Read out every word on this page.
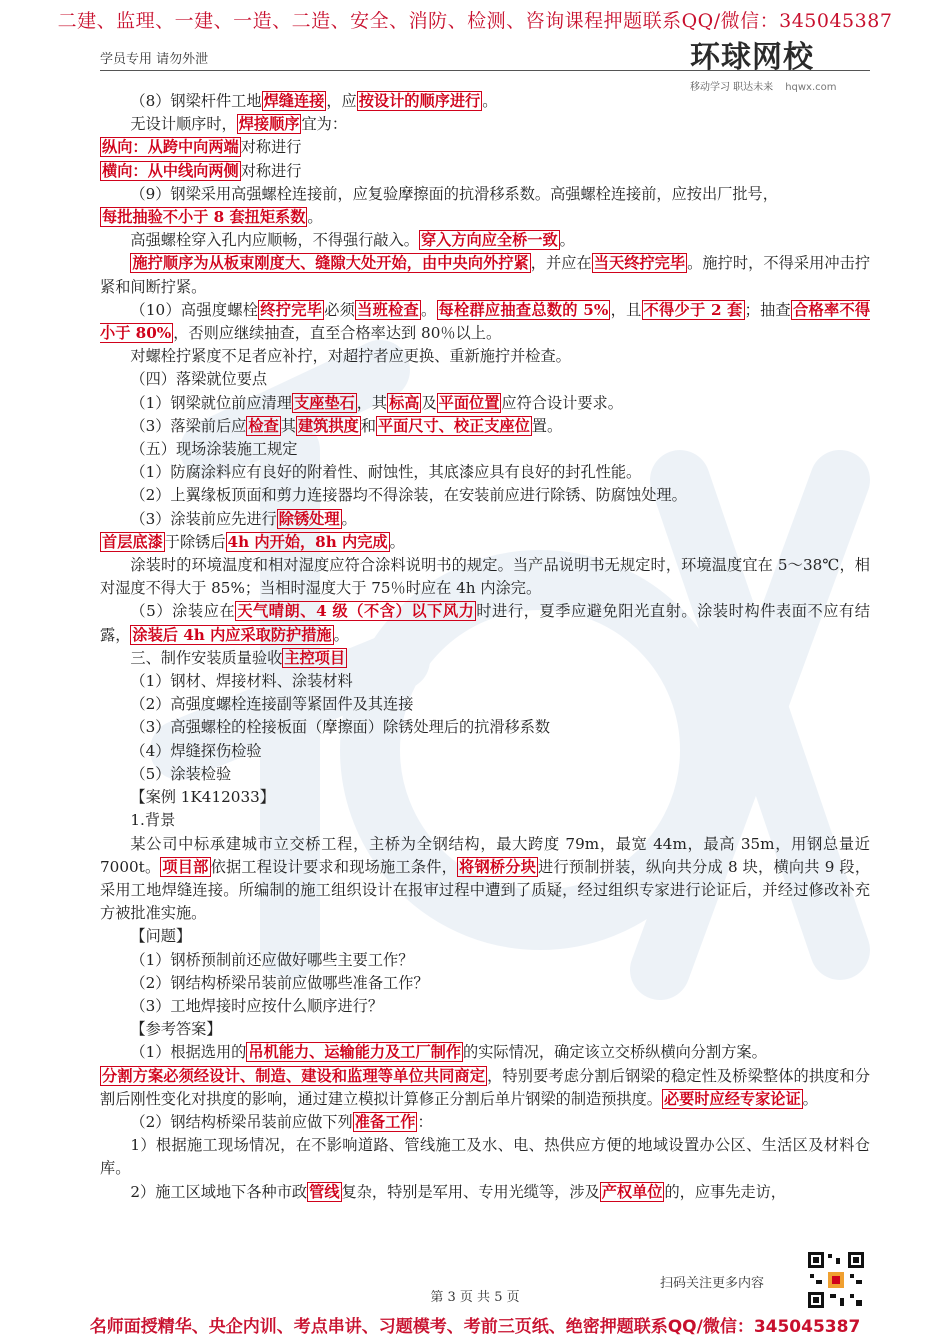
二建、监理、一建、一造、二造、安全、消防、检测、咨询课程押题联系QQ/微信：345045387
学员专用 请勿外泄	环球网校
移动学习 职达未来 hqwx.com

（8）钢梁杆件工地 焊缝连接 ，应 按设计的顺序进行 。

无设计顺序时， 焊接顺序 宜为：

纵向：从跨中向两端 对称进行

横向：从中线向两侧 对称进行

（9）钢梁采用高强螺栓连接前，应复验摩擦面的抗滑移系数。高强螺栓连接前，应按出厂批号，

每批抽验不小于 8 套扭矩系数 。

高强螺栓穿入孔内应顺畅，不得强行敲入。 穿入方向应全桥一致 。

施拧顺序为从板束刚度大、缝隙大处开始，由中央向外拧紧 ，并应在 当天终拧完毕 。施拧时，不得采用冲击拧紧和间断拧紧。

（10）高强度螺栓 终拧完毕 必须 当班检查 。 每栓群应抽查总数的 5% ，且 不得少于 2 套 ；抽查 合格率不得小于 80% ，否则应继续抽查，直至合格率达到 80％以上。

对螺栓拧紧度不足者应补拧，对超拧者应更换、重新施拧并检查。

（四）落梁就位要点

（1）钢梁就位前应清理 支座垫石 ，其 标高 及 平面位置 应符合设计要求。

（3）落梁前后应 检查 其 建筑拱度 和 平面尺寸、校正支座位 置。

（五）现场涂装施工规定

（1）防腐涂料应有良好的附着性、耐蚀性，其底漆应具有良好的封孔性能。

（2）上翼缘板顶面和剪力连接器均不得涂装，在安装前应进行除锈、防腐蚀处理。

（3）涂装前应先进行 除锈处理 。

首层底漆 于除锈后 4h 内开始，8h 内完成 。

涂装时的环境温度和相对湿度应符合涂料说明书的规定。当产品说明书无规定时，环境温度宜在 5～38℃，相对湿度不得大于 85%；当相时湿度大于 75％时应在 4h 内涂完。

（5）涂装应在 天气晴朗、4 级（不含）以下风力 时进行，夏季应避免阳光直射。涂装时构件表面不应有结露， 涂装后 4h 内应采取防护措施 。

三、制作安装质量验收 主控项目

（1）钢材、焊接材料、涂装材料

（2）高强度螺栓连接副等紧固件及其连接

（3）高强螺栓的栓接板面（摩擦面）除锈处理后的抗滑移系数

（4）焊缝探伤检验

（5）涂装检验

【案例 1K412033】

1.背景

某公司中标承建城市立交桥工程，主桥为全钢结构，最大跨度 79m，最宽 44m，最高 35m，用钢总量近 7000t。 项目部 依据工程设计要求和现场施工条件， 将钢桥分块 进行预制拼装，纵向共分成 8 块，横向共 9 段，采用工地焊缝连接。所编制的施工组织设计在报审过程中遭到了质疑，经过组织专家进行论证后，并经过修改补充方被批准实施。

【问题】

（1）钢桥预制前还应做好哪些主要工作？

（2）钢结构桥梁吊装前应做哪些准备工作？

（3）工地焊接时应按什么顺序进行？

【参考答案】

（1）根据选用的 吊机能力、运输能力及工厂制作 的实际情况，确定该立交桥纵横向分割方案。

分割方案必须经设计、制造、建设和监理等单位共同商定 ，特别要考虑分割后钢梁的稳定性及桥梁整体的拱度和分割后刚性变化对拱度的影响，通过建立模拟计算修正分割后单片钢梁的制造预拱度。 必要时应经专家论证 。

（2）钢结构桥梁吊装前应做下列 准备工作 ：

1）根据施工现场情况，在不影响道路、管线施工及水、电、热供应方便的地域设置办公区、生活区及材料仓库。

2）施工区域地下各种市政 管线 复杂，特别是军用、专用光缆等，涉及 产权单位 的，应事先走访，

扫码关注更多内容
第 3 页 共 5 页
名师面授精华、央企内训、考点串讲、习题模考、考前三页纸、绝密押题联系QQ/微信：345045387
